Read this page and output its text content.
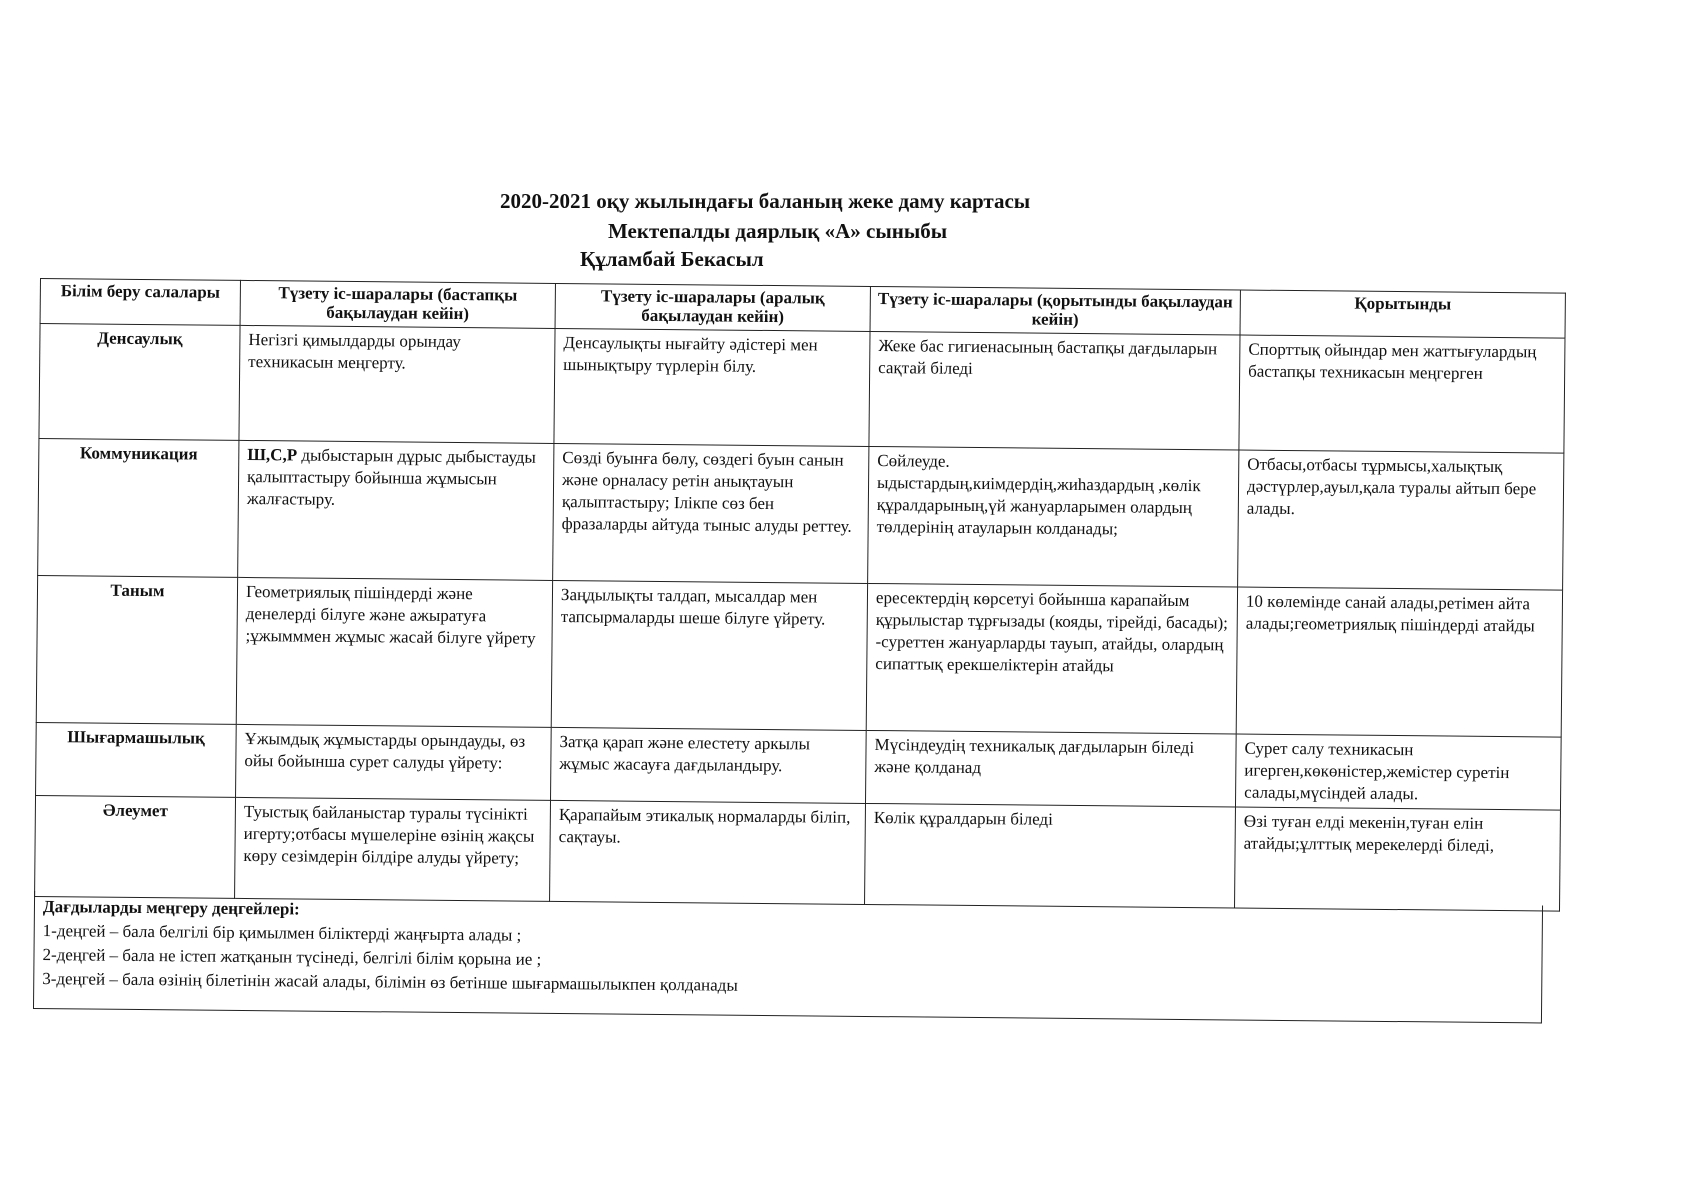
2020-2021 оқу жылындағы баланың жеке даму картасы
Мектепалды даярлық «А» сыныбы
Құламбай Бекасыл
Білім беру салалары	Түзету іс-шаралары (бастапқы бақылаудан кейін)	Түзету іс-шаралары (аралық бақылаудан кейін)	Түзету іс-шаралары (қорытынды бақылаудан кейін)	Қорытынды
Денсаулық	Негізгі қимылдарды орындау техникасын меңгерту.	Денсаулықты нығайту әдістері мен шынықтыру түрлерін білу.	Жеке бас гигиенасының бастапқы дағдыларын сақтай біледі	Спорттық ойындар мен жаттығулардың бастапқы техникасын меңгерген
Коммуникация	Ш,С,Р дыбыстарын дұрыс дыбыстауды қалыптастыру бойынша жұмысын жалғастыру.	Сөзді буынға бөлу, сөздегі буын санын және орналасу ретін анықтауын қалыптастыру; Ілікпе сөз бен фразаларды айтуда тыныс алуды реттеу.	Сөйлеуде. ыдыстардың,киімдердің,жиһаздардың ,көлік құралдарының,үй жануарларымен олардың төлдерінің атауларын колданады;	Отбасы,отбасы тұрмысы,халықтық дәстүрлер,ауыл,қала туралы айтып бере алады.
Таным	Геометриялық пішіндерді және денелерді білуге және ажыратуға ;ұжымммен жұмыс жасай білуге үйрету	Заңдылықты талдап, мысалдар мен тапсырмаларды шеше білуге үйрету.	ересектердің көрсетуі бойынша карапайым құрылыстар тұрғызады (кояды, тірейді, басады); -суреттен жануарларды тауып, атайды, олардың сипаттық ерекшеліктерін атайды	10 көлемінде санай алады,ретімен айта алады;геометриялық пішіндерді атайды
Шығармашылық	Ұжымдық жұмыстарды орындауды, өз ойы бойынша сурет салуды үйрету:	Затқа қарап және елестету аркылы жұмыс жасауға дағдыландыру.	Мүсіндеудің техникалық дағдыларын біледі және қолданад	Сурет салу техникасын игерген,көкөністер,жемістер суретін салады,мүсіндей алады.
Әлеумет	Туыстық байланыстар туралы түсінікті игерту;отбасы мүшелеріне өзінің жақсы көру сезімдерін білдіре алуды үйрету;	Қарапайым этикалық нормаларды біліп, сақтауы.	Көлік құралдарын біледі	Өзі туған елді мекенін,туған елін атайды;ұлттық мерекелерді біледі,
Дағдыларды меңгеру деңгейлері:
1-деңгей – бала белгілі бір қимылмен біліктерді жаңғырта алады ;
2-деңгей – бала не істеп жатқанын түсінеді, белгілі білім қорына ие ;
3-деңгей – бала өзінің білетінін жасай алады, білімін өз бетінше шығармашылыкпен қолданады
